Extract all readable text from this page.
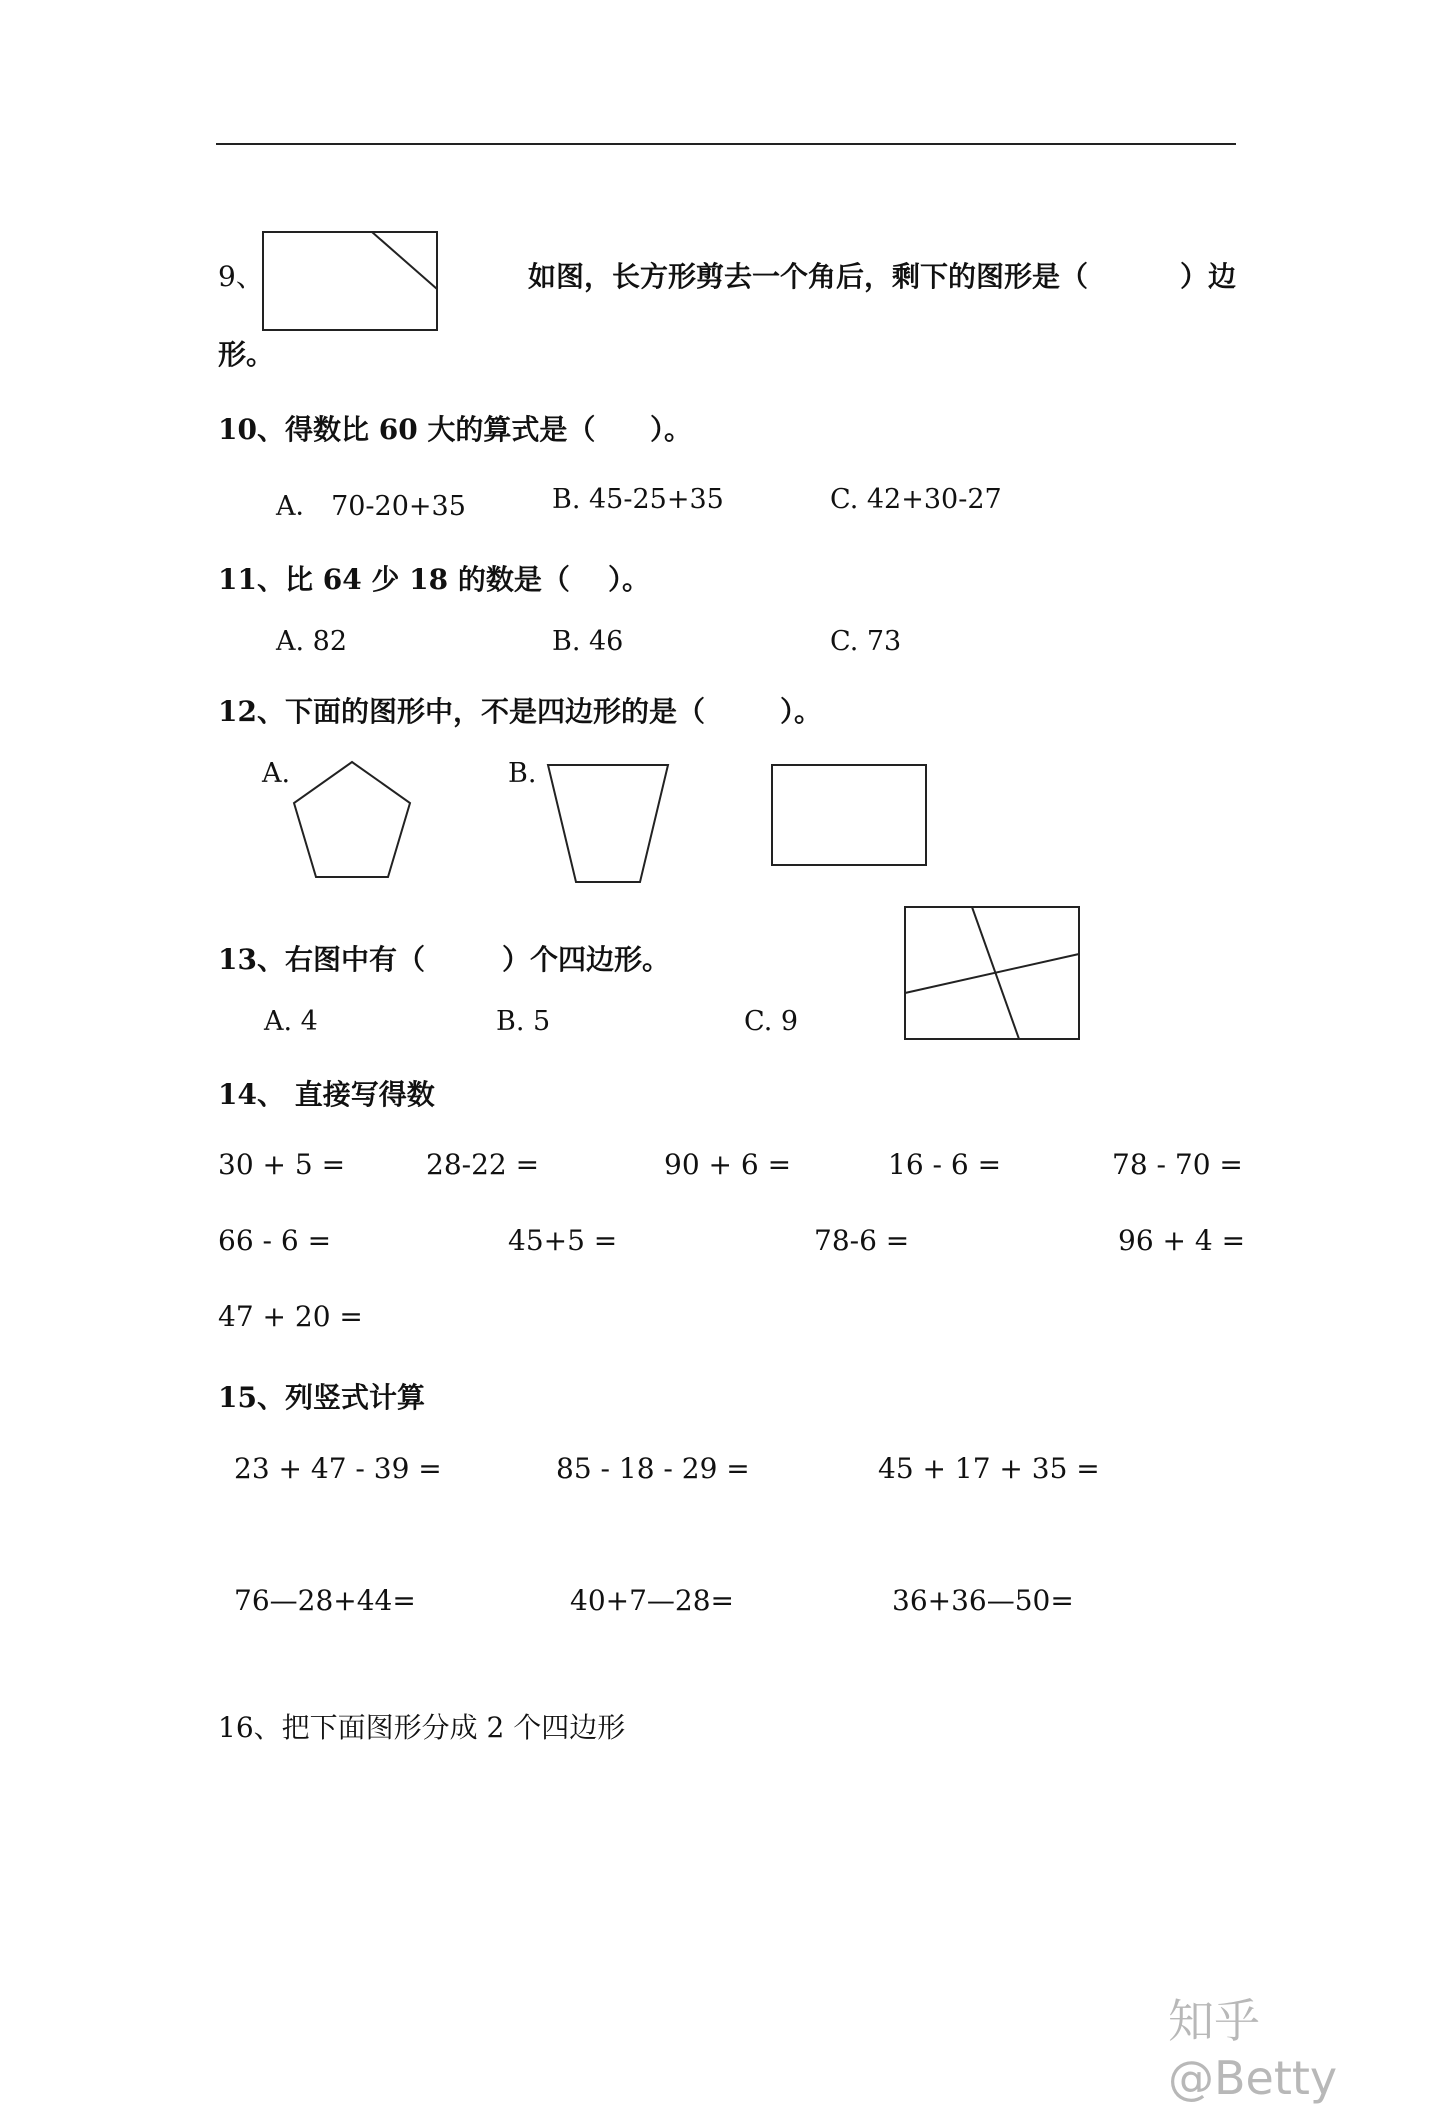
9、	如图，长方形剪去一个角后，剩下的图形是（	）边
形。
10、得数比 60 大的算式是（ ）。
A． 70-20+35	B. 45-25+35	C. 42+30-27
11、比 64 少 18 的数是（ ）。
A. 82	B. 46	C. 73
12、下面的图形中，不是四边形的是（	）。
A.	B.	C.
13、右图中有（	）个四边形。
A. 4	B. 5	C. 9
14、 直接写得数
30 + 5 =	28-22 =	90 + 6 =	16 - 6 =	78 - 70 =
66 - 6 =	45+5 =	78-6 =	96 + 4 =
47 + 20 =
15、列竖式计算
23 + 47 - 39 =	85 - 18 - 29 =	45 + 17 + 35 =
76—28+44=	40+7—28=	36+36—50=
16、把下面图形分成 2 个四边形
知乎 @Betty
